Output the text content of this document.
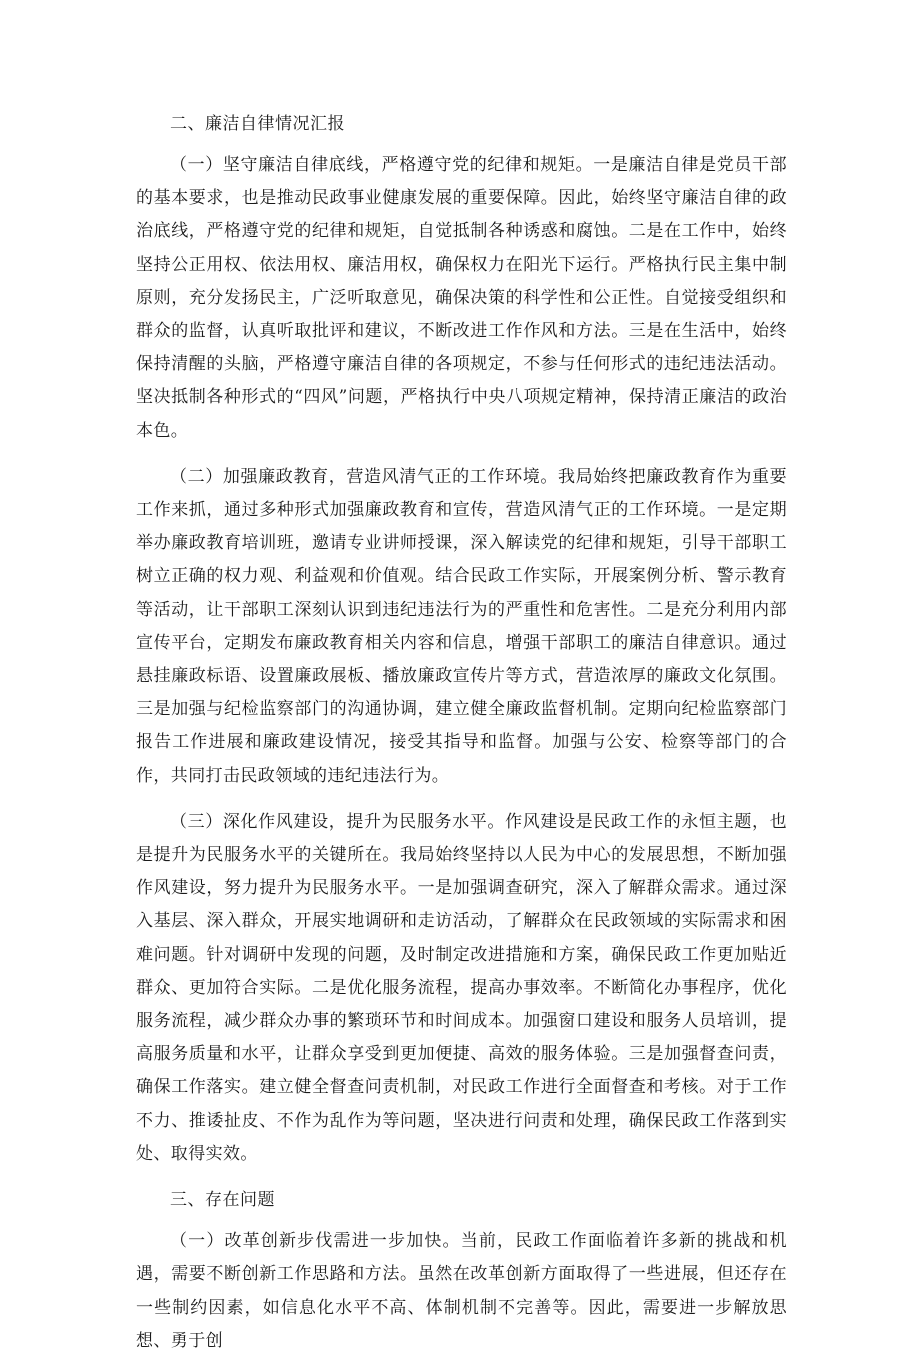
二、廉洁自律情况汇报

（一）坚守廉洁自律底线，严格遵守党的纪律和规矩。一是廉洁自律是党员干部的基本要求，也是推动民政事业健康发展的重要保障。因此，始终坚守廉洁自律的政治底线，严格遵守党的纪律和规矩，自觉抵制各种诱惑和腐蚀。二是在工作中，始终坚持公正用权、依法用权、廉洁用权，确保权力在阳光下运行。严格执行民主集中制原则，充分发扬民主，广泛听取意见，确保决策的科学性和公正性。自觉接受组织和群众的监督，认真听取批评和建议，不断改进工作作风和方法。三是在生活中，始终保持清醒的头脑，严格遵守廉洁自律的各项规定，不参与任何形式的违纪违法活动。坚决抵制各种形式的“四风”问题，严格执行中央八项规定精神，保持清正廉洁的政治本色。

（二）加强廉政教育，营造风清气正的工作环境。我局始终把廉政教育作为重要工作来抓，通过多种形式加强廉政教育和宣传，营造风清气正的工作环境。一是定期举办廉政教育培训班，邀请专业讲师授课，深入解读党的纪律和规矩，引导干部职工树立正确的权力观、利益观和价值观。结合民政工作实际，开展案例分析、警示教育等活动，让干部职工深刻认识到违纪违法行为的严重性和危害性。二是充分利用内部宣传平台，定期发布廉政教育相关内容和信息，增强干部职工的廉洁自律意识。通过悬挂廉政标语、设置廉政展板、播放廉政宣传片等方式，营造浓厚的廉政文化氛围。三是加强与纪检监察部门的沟通协调，建立健全廉政监督机制。定期向纪检监察部门报告工作进展和廉政建设情况，接受其指导和监督。加强与公安、检察等部门的合作，共同打击民政领域的违纪违法行为。

（三）深化作风建设，提升为民服务水平。作风建设是民政工作的永恒主题，也是提升为民服务水平的关键所在。我局始终坚持以人民为中心的发展思想，不断加强作风建设，努力提升为民服务水平。一是加强调查研究，深入了解群众需求。通过深入基层、深入群众，开展实地调研和走访活动，了解群众在民政领域的实际需求和困难问题。针对调研中发现的问题，及时制定改进措施和方案，确保民政工作更加贴近群众、更加符合实际。二是优化服务流程，提高办事效率。不断简化办事程序，优化服务流程，减少群众办事的繁琐环节和时间成本。加强窗口建设和服务人员培训，提高服务质量和水平，让群众享受到更加便捷、高效的服务体验。三是加强督查问责，确保工作落实。建立健全督查问责机制，对民政工作进行全面督查和考核。对于工作不力、推诿扯皮、不作为乱作为等问题，坚决进行问责和处理，确保民政工作落到实处、取得实效。

三、存在问题

（一）改革创新步伐需进一步加快。当前，民政工作面临着许多新的挑战和机遇，需要不断创新工作思路和方法。虽然在改革创新方面取得了一些进展，但还存在一些制约因素，如信息化水平不高、体制机制不完善等。因此，需要进一步解放思想、勇于创
